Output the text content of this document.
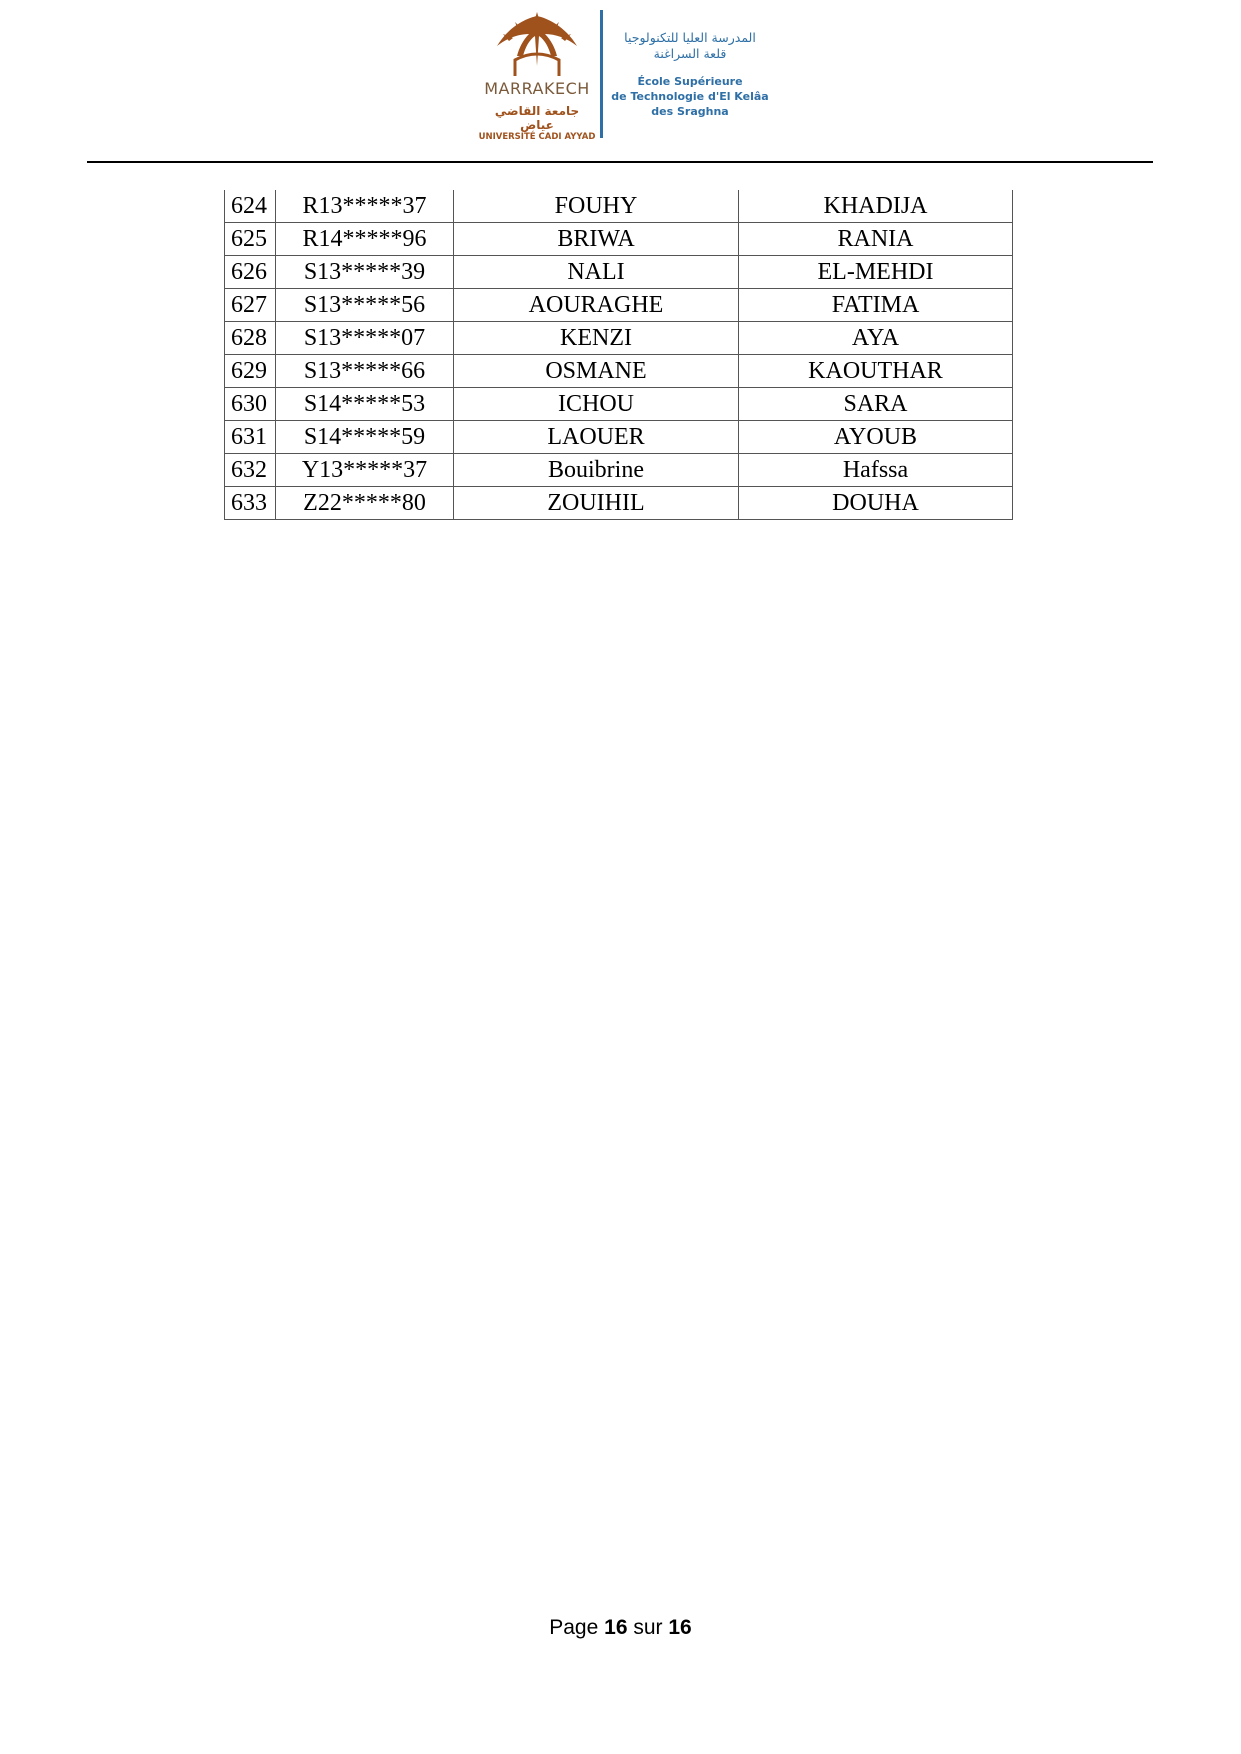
MARRAKECH
جامعة القاضي عياض
UNIVERSITÉ CADI AYYAD
المدرسة العليا للتكنولوجيا
قلعة السراغنة
École Supérieure
de Technologie d'El Kelâa
des Sraghna
624	R13*****37	FOUHY	KHADIJA
625	R14*****96	BRIWA	RANIA
626	S13*****39	NALI	EL-MEHDI
627	S13*****56	AOURAGHE	FATIMA
628	S13*****07	KENZI	AYA
629	S13*****66	OSMANE	KAOUTHAR
630	S14*****53	ICHOU	SARA
631	S14*****59	LAOUER	AYOUB
632	Y13*****37	Bouibrine	Hafssa
633	Z22*****80	ZOUIHIL	DOUHA
Page 16 sur 16
